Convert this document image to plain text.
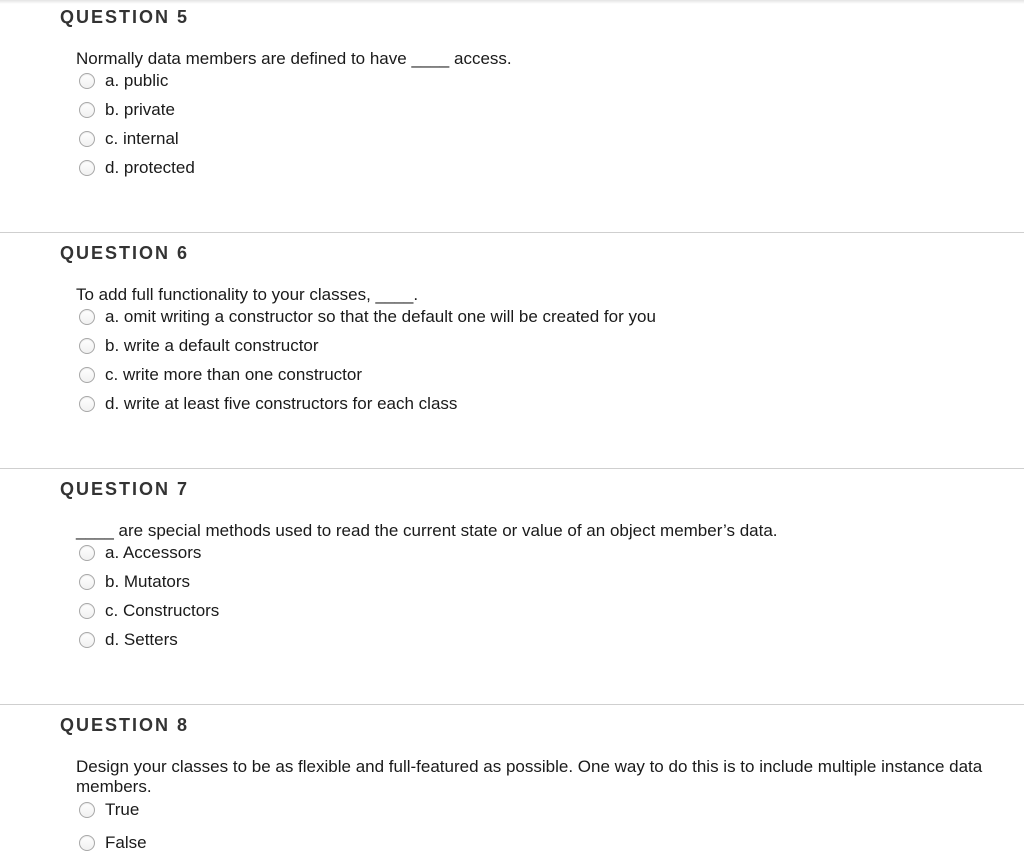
QUESTION 5

Normally data members are defined to have ____ access.

a. public
b. private
c. internal
d. protected
QUESTION 6

To add full functionality to your classes, ____.

a. omit writing a constructor so that the default one will be created for you
b. write a default constructor
c. write more than one constructor
d. write at least five constructors for each class
QUESTION 7

____ are special methods used to read the current state or value of an object member’s data.

a. Accessors
b. Mutators
c. Constructors
d. Setters
QUESTION 8

Design your classes to be as flexible and full-featured as possible. One way to do this is to include multiple instance data members.

True
False
